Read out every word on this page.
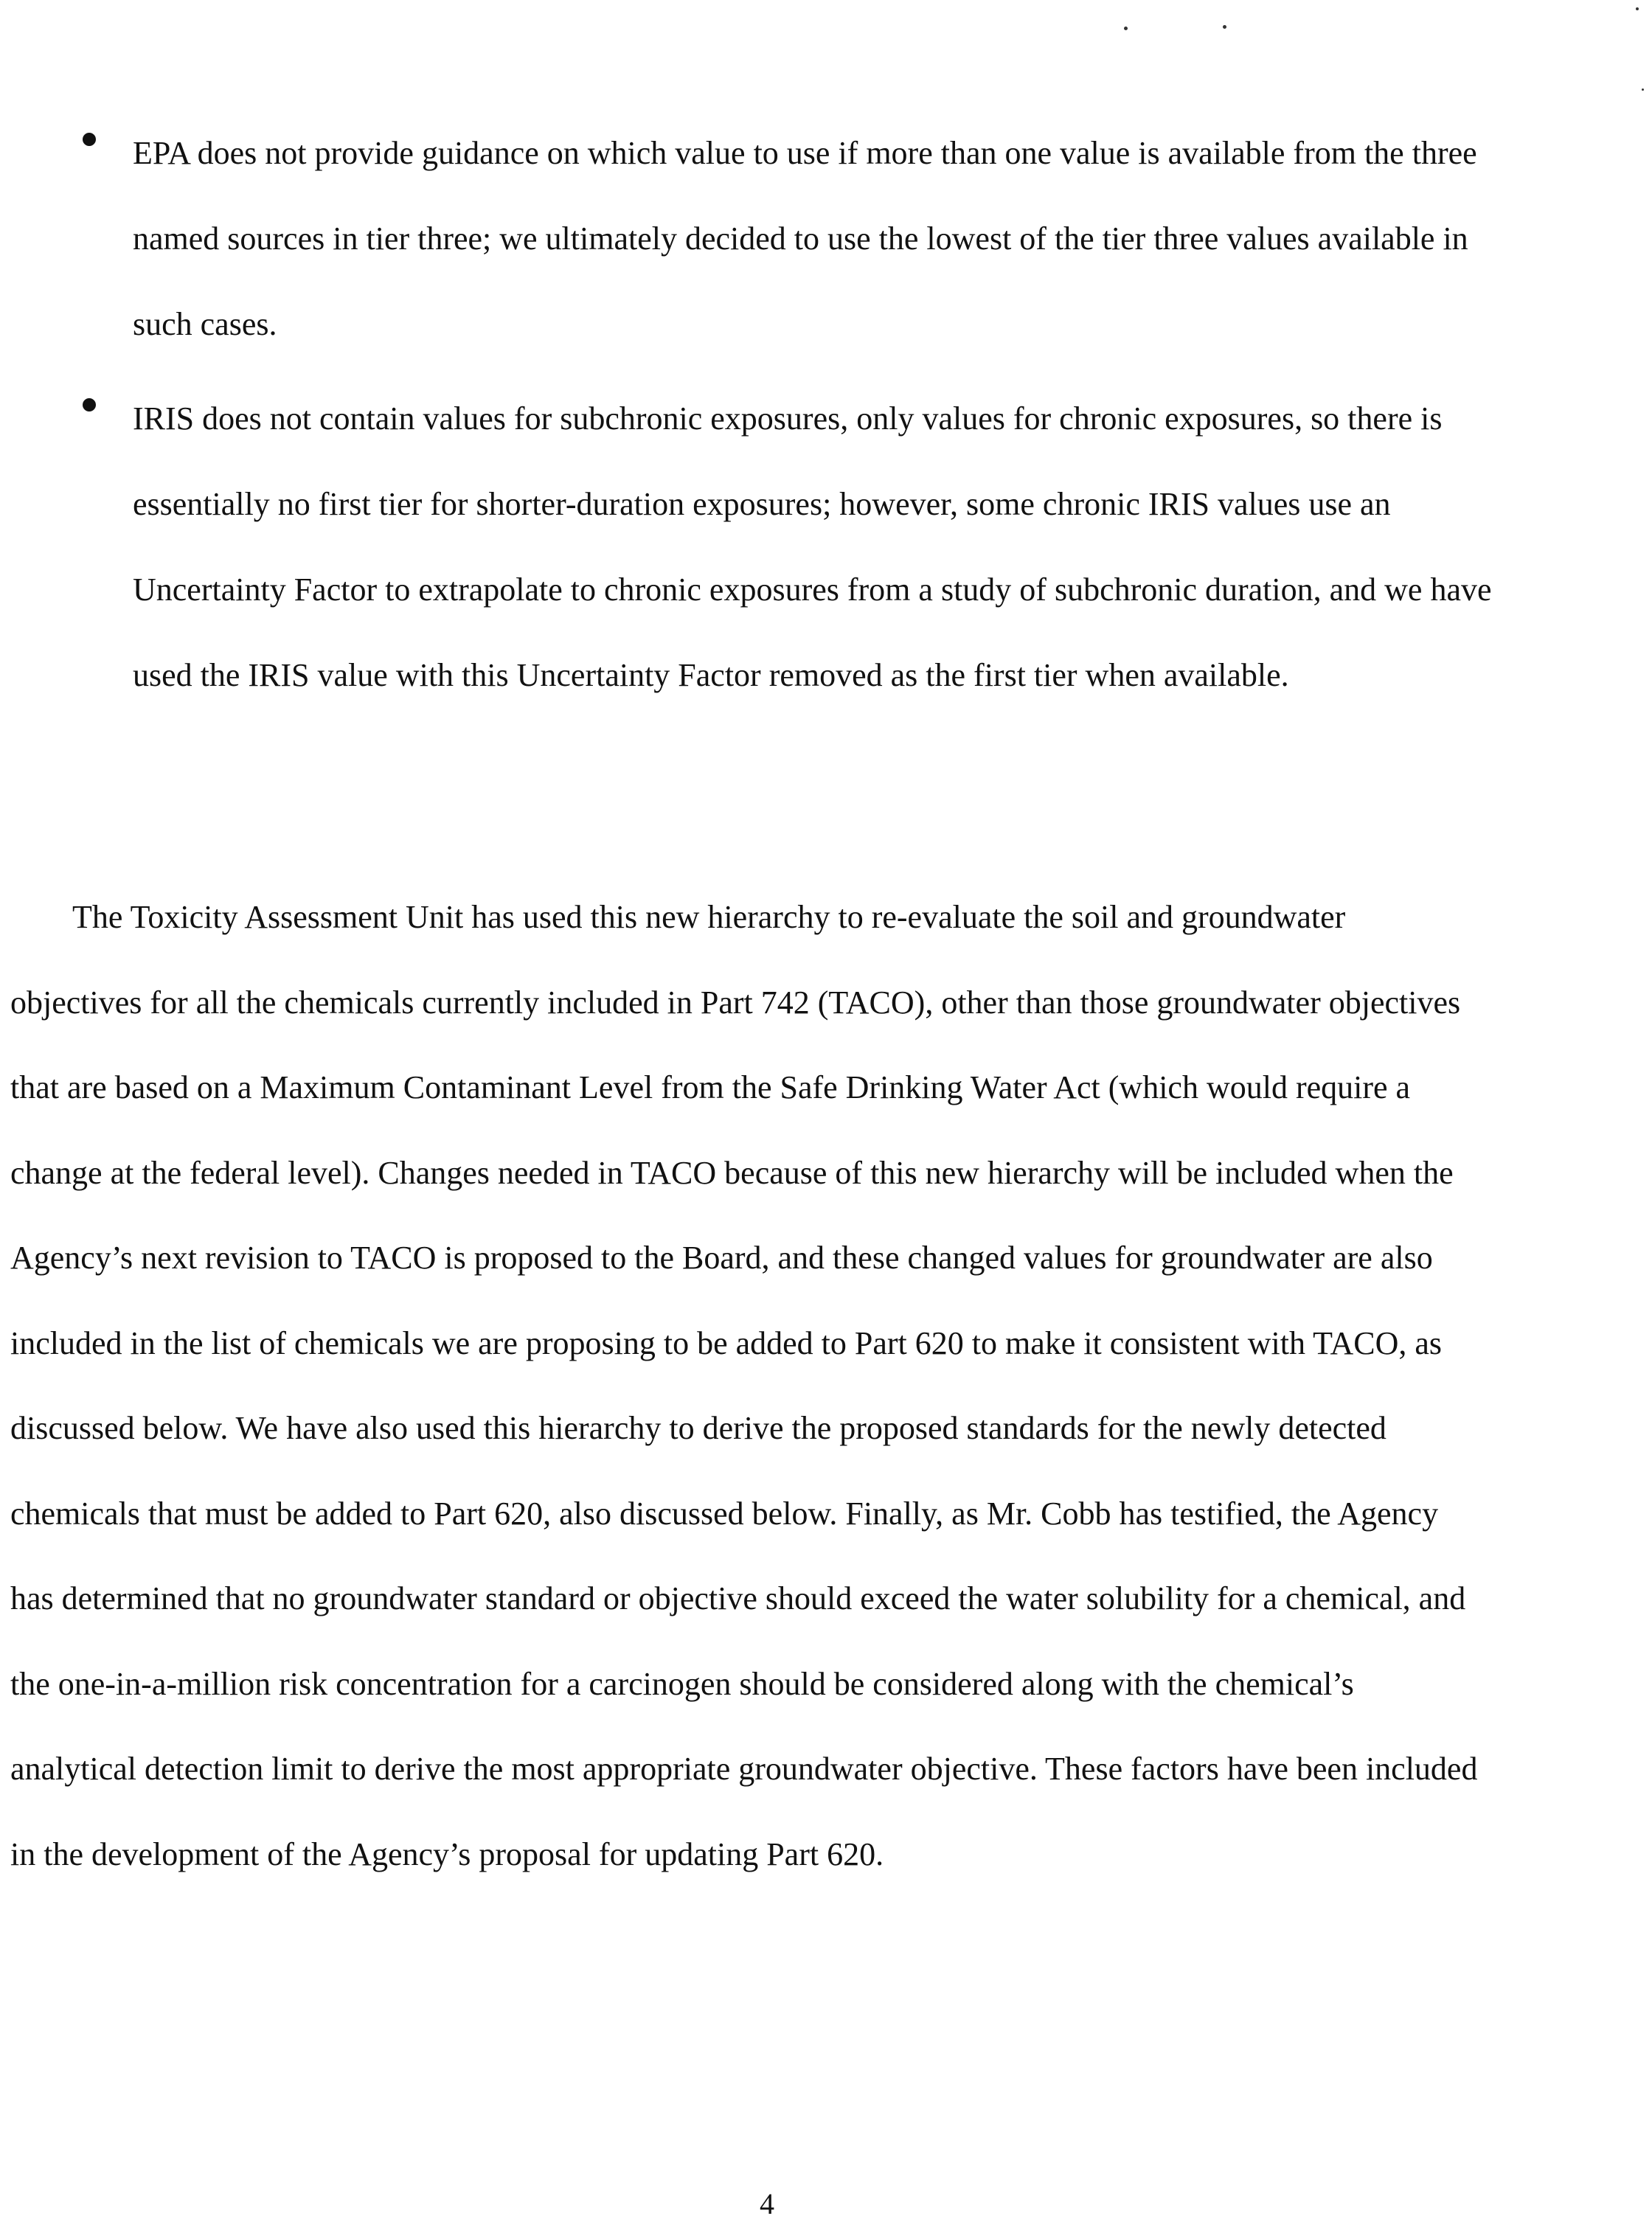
EPA does not provide guidance on which value to use if more than one value is available from the three named sources in tier three; we ultimately decided to use the lowest of the tier three values available in such cases.
IRIS does not contain values for subchronic exposures, only values for chronic exposures, so there is essentially no first tier for shorter-duration exposures; however, some chronic IRIS values use an Uncertainty Factor to extrapolate to chronic exposures from a study of subchronic duration, and we have used the IRIS value with this Uncertainty Factor removed as the first tier when available.

The Toxicity Assessment Unit has used this new hierarchy to re-evaluate the soil and groundwater objectives for all the chemicals currently included in Part 742 (TACO), other than those groundwater objectives that are based on a Maximum Contaminant Level from the Safe Drinking Water Act (which would require a change at the federal level). Changes needed in TACO because of this new hierarchy will be included when the Agency’s next revision to TACO is proposed to the Board, and these changed values for groundwater are also included in the list of chemicals we are proposing to be added to Part 620 to make it consistent with TACO, as discussed below. We have also used this hierarchy to derive the proposed standards for the newly detected chemicals that must be added to Part 620, also discussed below. Finally, as Mr. Cobb has testified, the Agency has determined that no groundwater standard or objective should exceed the water solubility for a chemical, and the one-in-a-million risk concentration for a carcinogen should be considered along with the chemical’s analytical detection limit to derive the most appropriate groundwater objective. These factors have been included in the development of the Agency’s proposal for updating Part 620.

4
